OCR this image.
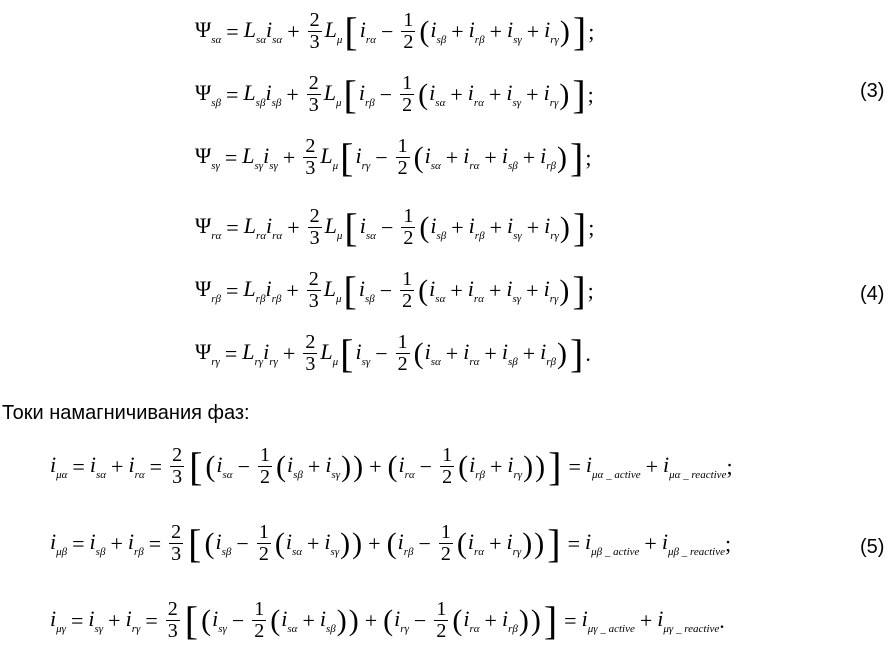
$\Psi_{s\alpha} = L_{s\alpha}$ $i_{s\alpha} + \frac{2}{3} L_\mu$ [ $i_{r\alpha} - \frac{1}{2}$ ( $i_{s\beta} + i_{r\beta} + i_{s\gamma} + i_{r\gamma}$ ) ] ;
$\Psi_{s\beta} = L_{s\beta}$ $i_{s\beta} + \frac{2}{3} L_\mu$ [ $i_{r\beta} - \frac{1}{2}$ ( $i_{s\alpha} + i_{r\alpha} + i_{s\gamma} + i_{r\gamma}$ ) ] ;
$\Psi_{s\gamma} = L_{s\gamma}$ $i_{s\gamma} + \frac{2}{3} L_\mu$ [ $i_{r\gamma} - \frac{1}{2}$ ( $i_{s\alpha} + i_{r\alpha} + i_{s\beta} + i_{r\beta}$ ) ] ;
$\Psi_{r\alpha} = L_{r\alpha}$ $i_{r\alpha} + \frac{2}{3} L_\mu$ [ $i_{s\alpha} - \frac{1}{2}$ ( $i_{s\beta} + i_{r\beta} + i_{s\gamma} + i_{r\gamma}$ ) ] ;
$\Psi_{r\beta} = L_{r\beta}$ $i_{r\beta} + \frac{2}{3} L_\mu$ [ $i_{s\beta} - \frac{1}{2}$ ( $i_{s\alpha} + i_{r\alpha} + i_{s\gamma} + i_{r\gamma}$ ) ] ;
$\Psi_{r\gamma} = L_{r\gamma}$ $i_{r\gamma} + \frac{2}{3} L_\mu$ [ $i_{s\gamma} - \frac{1}{2}$ ( $i_{s\alpha} + i_{r\alpha} + i_{s\beta} + i_{r\beta}$ ) ] .
$i_{\mu\alpha} = i_{s\alpha} + i_{r\alpha} = \frac{2}{3}$ [ ( $i_{s\alpha} - \frac{1}{2}$ ( $i_{s\beta} + i_{s\gamma}$ ) ) + ( $i_{r\alpha} - \frac{1}{2}$ ( $i_{r\beta} + i_{r\gamma}$ ) ) ] = $i_{\mu\alpha \_ active} + i_{\mu\alpha \_ reactive}$ ;
$i_{\mu\beta} = i_{s\beta} + i_{r\beta} = \frac{2}{3}$ [ ( $i_{s\beta} - \frac{1}{2}$ ( $i_{s\alpha} + i_{s\gamma}$ ) ) + ( $i_{r\beta} - \frac{1}{2}$ ( $i_{r\alpha} + i_{r\gamma}$ ) ) ] = $i_{\mu\beta \_ active} + i_{\mu\beta \_ reactive}$ ;
$i_{\mu\gamma} = i_{s\gamma} + i_{r\gamma} = \frac{2}{3}$ [ ( $i_{s\gamma} - \frac{1}{2}$ ( $i_{s\alpha} + i_{s\beta}$ ) ) + ( $i_{r\gamma} - \frac{1}{2}$ ( $i_{r\alpha} + i_{r\beta}$ ) ) ] = $i_{\mu\gamma \_ active} + i_{\mu\gamma \_ reactive}$ .
(3)
(4)
(5)
Токи намагничивания фаз:
